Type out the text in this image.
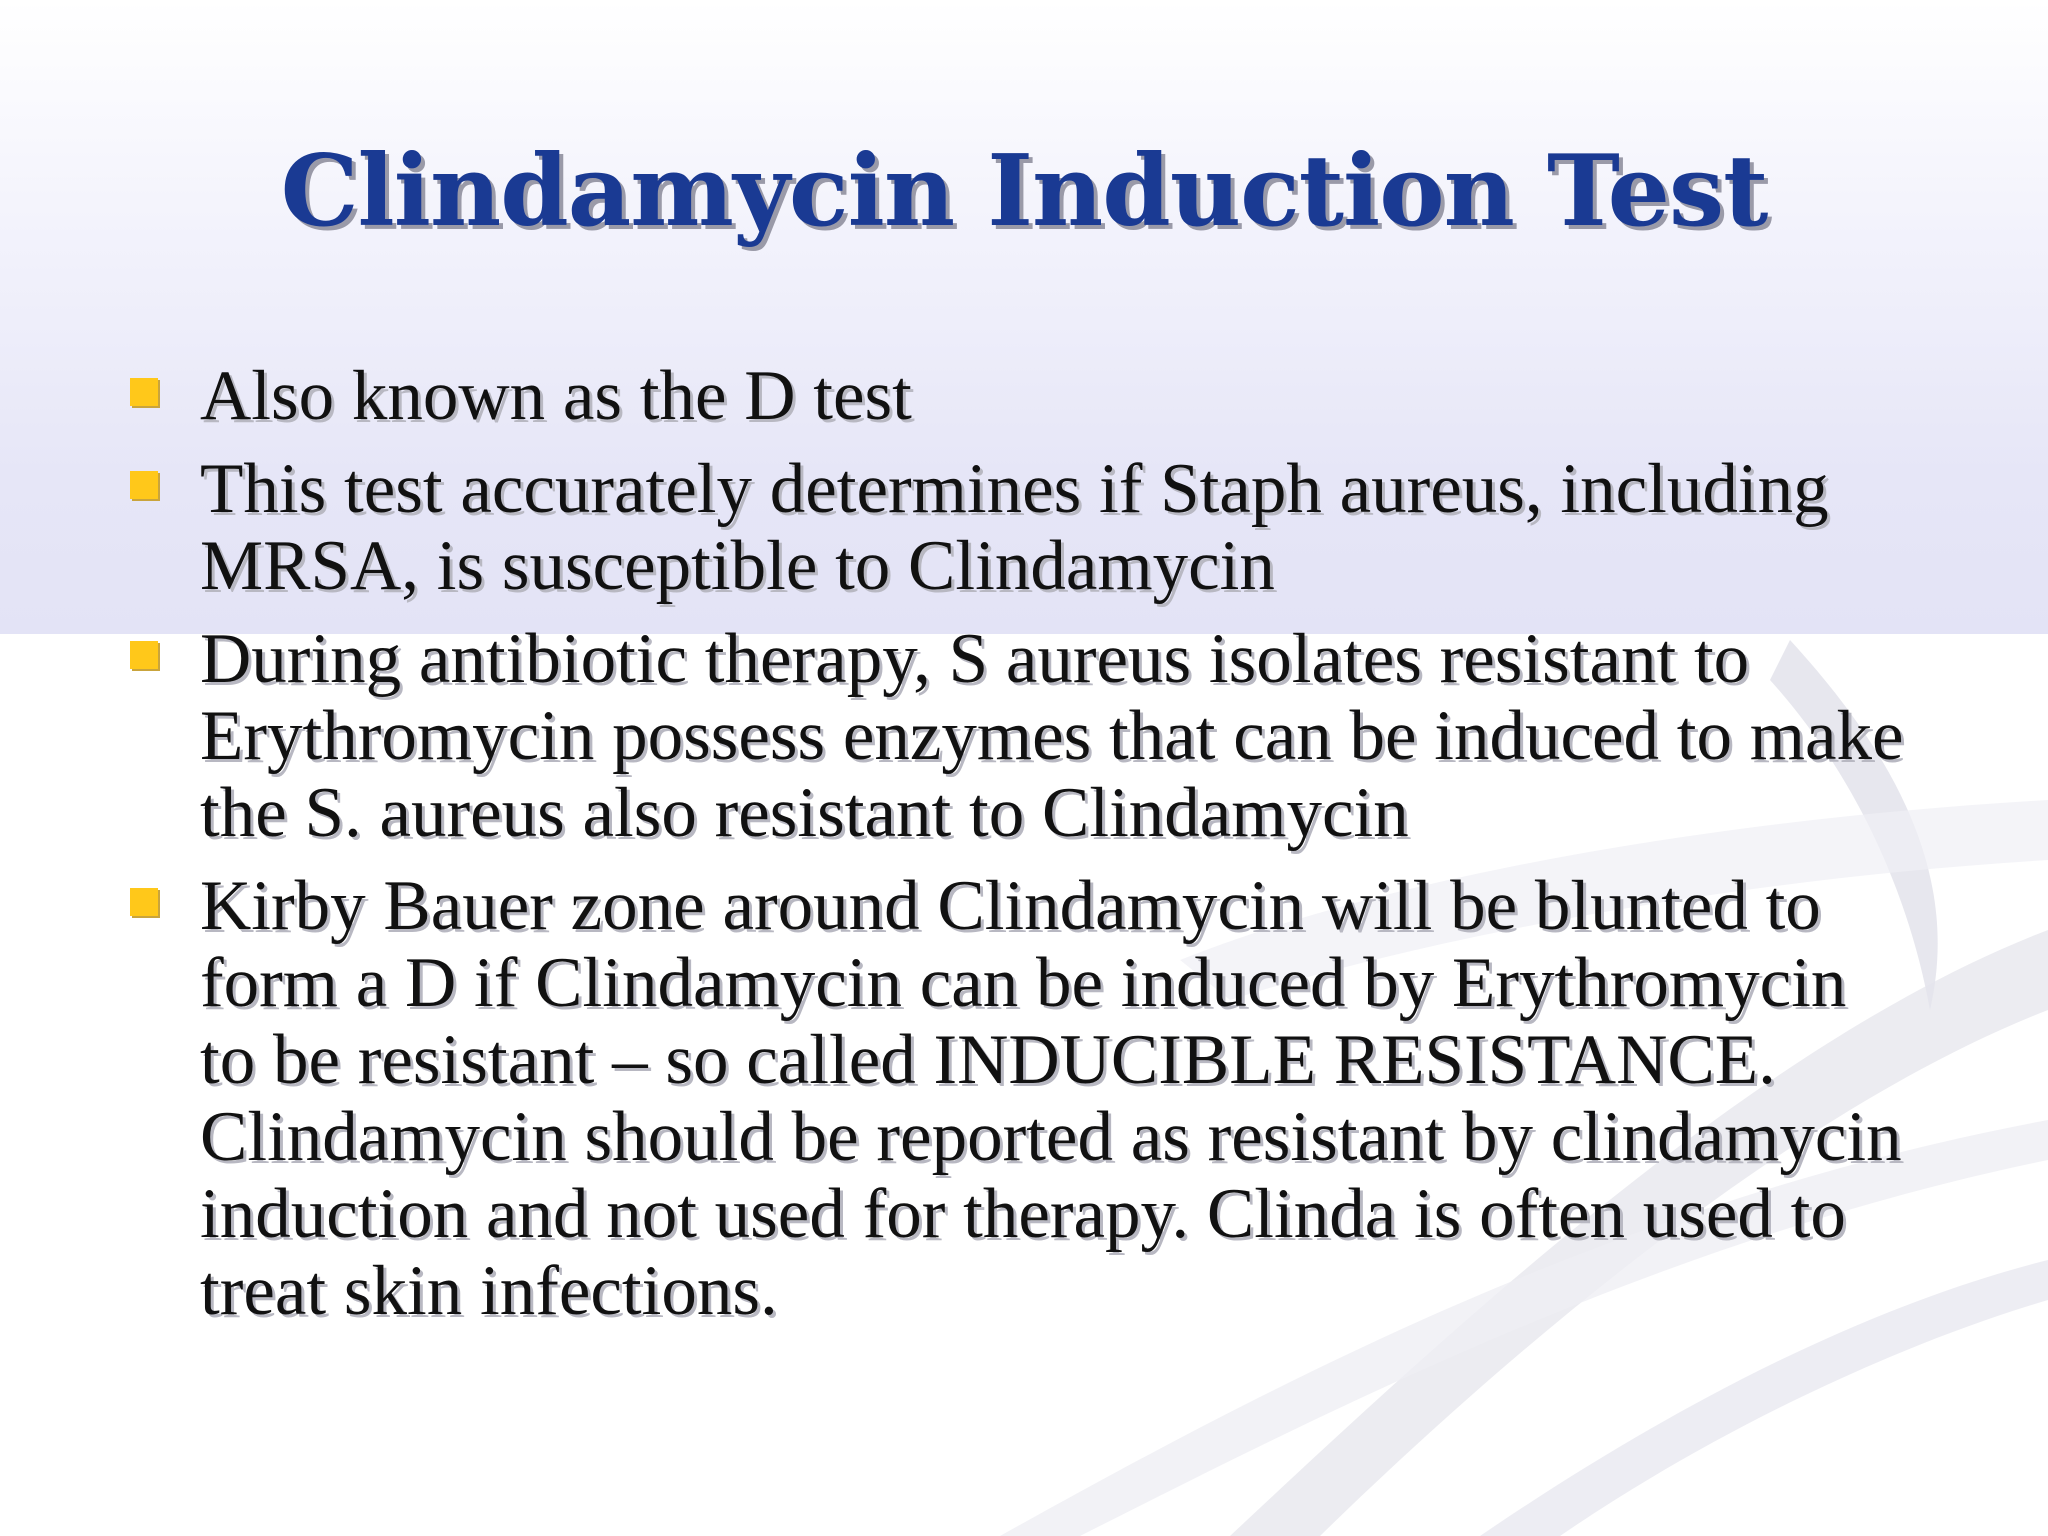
Clindamycin Induction Test
Also known as the D test
This test accurately determines if Staph aureus, including MRSA, is susceptible to Clindamycin
During antibiotic therapy, S aureus isolates resistant to Erythromycin possess enzymes that can be induced to make the S. aureus also resistant to Clindamycin
Kirby Bauer zone around Clindamycin will be blunted to form a D if Clindamycin can be induced by Erythromycin to be resistant – so called INDUCIBLE RESISTANCE. Clindamycin should be reported as resistant by clindamycin induction and not used for therapy. Clinda is often used to treat skin infections.
